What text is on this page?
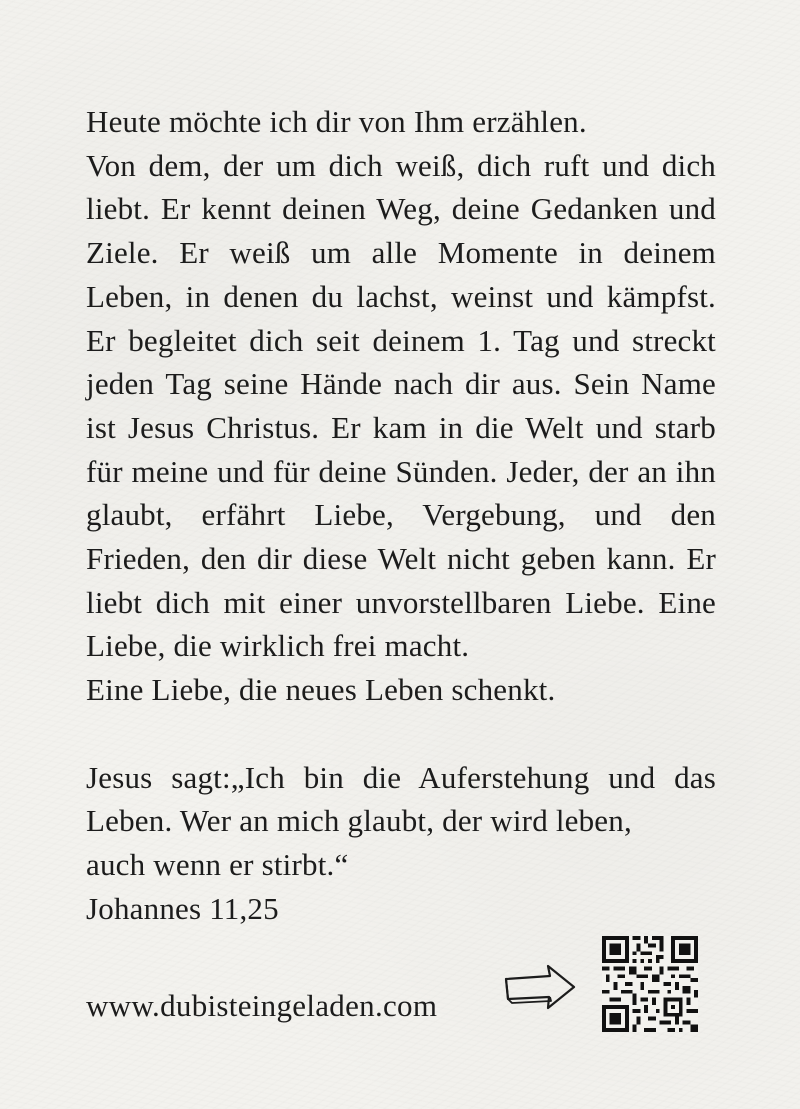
Heute möchte ich dir von Ihm erzählen.

Von dem, der um dich weiß, dich ruft und dich liebt. Er kennt deinen Weg, deine Gedanken und Ziele. Er weiß um alle Momente in deinem Leben, in denen du lachst, weinst und kämpfst. Er begleitet dich seit deinem 1. Tag und streckt jeden Tag seine Hände nach dir aus. Sein Name ist Jesus Christus. Er kam in die Welt und starb für meine und für deine Sünden. Jeder, der an ihn glaubt, erfährt Liebe, Vergebung, und den Frieden, den dir diese Welt nicht geben kann. Er liebt dich mit einer unvorstellbaren Liebe. Eine Liebe, die wirklich frei macht.

Eine Liebe, die neues Leben schenkt.

Jesus sagt:„Ich bin die Auferstehung und das Leben. Wer an mich glaubt, der wird leben,

auch wenn er stirbt.“

Johannes 11,25

www.dubisteingeladen.com
